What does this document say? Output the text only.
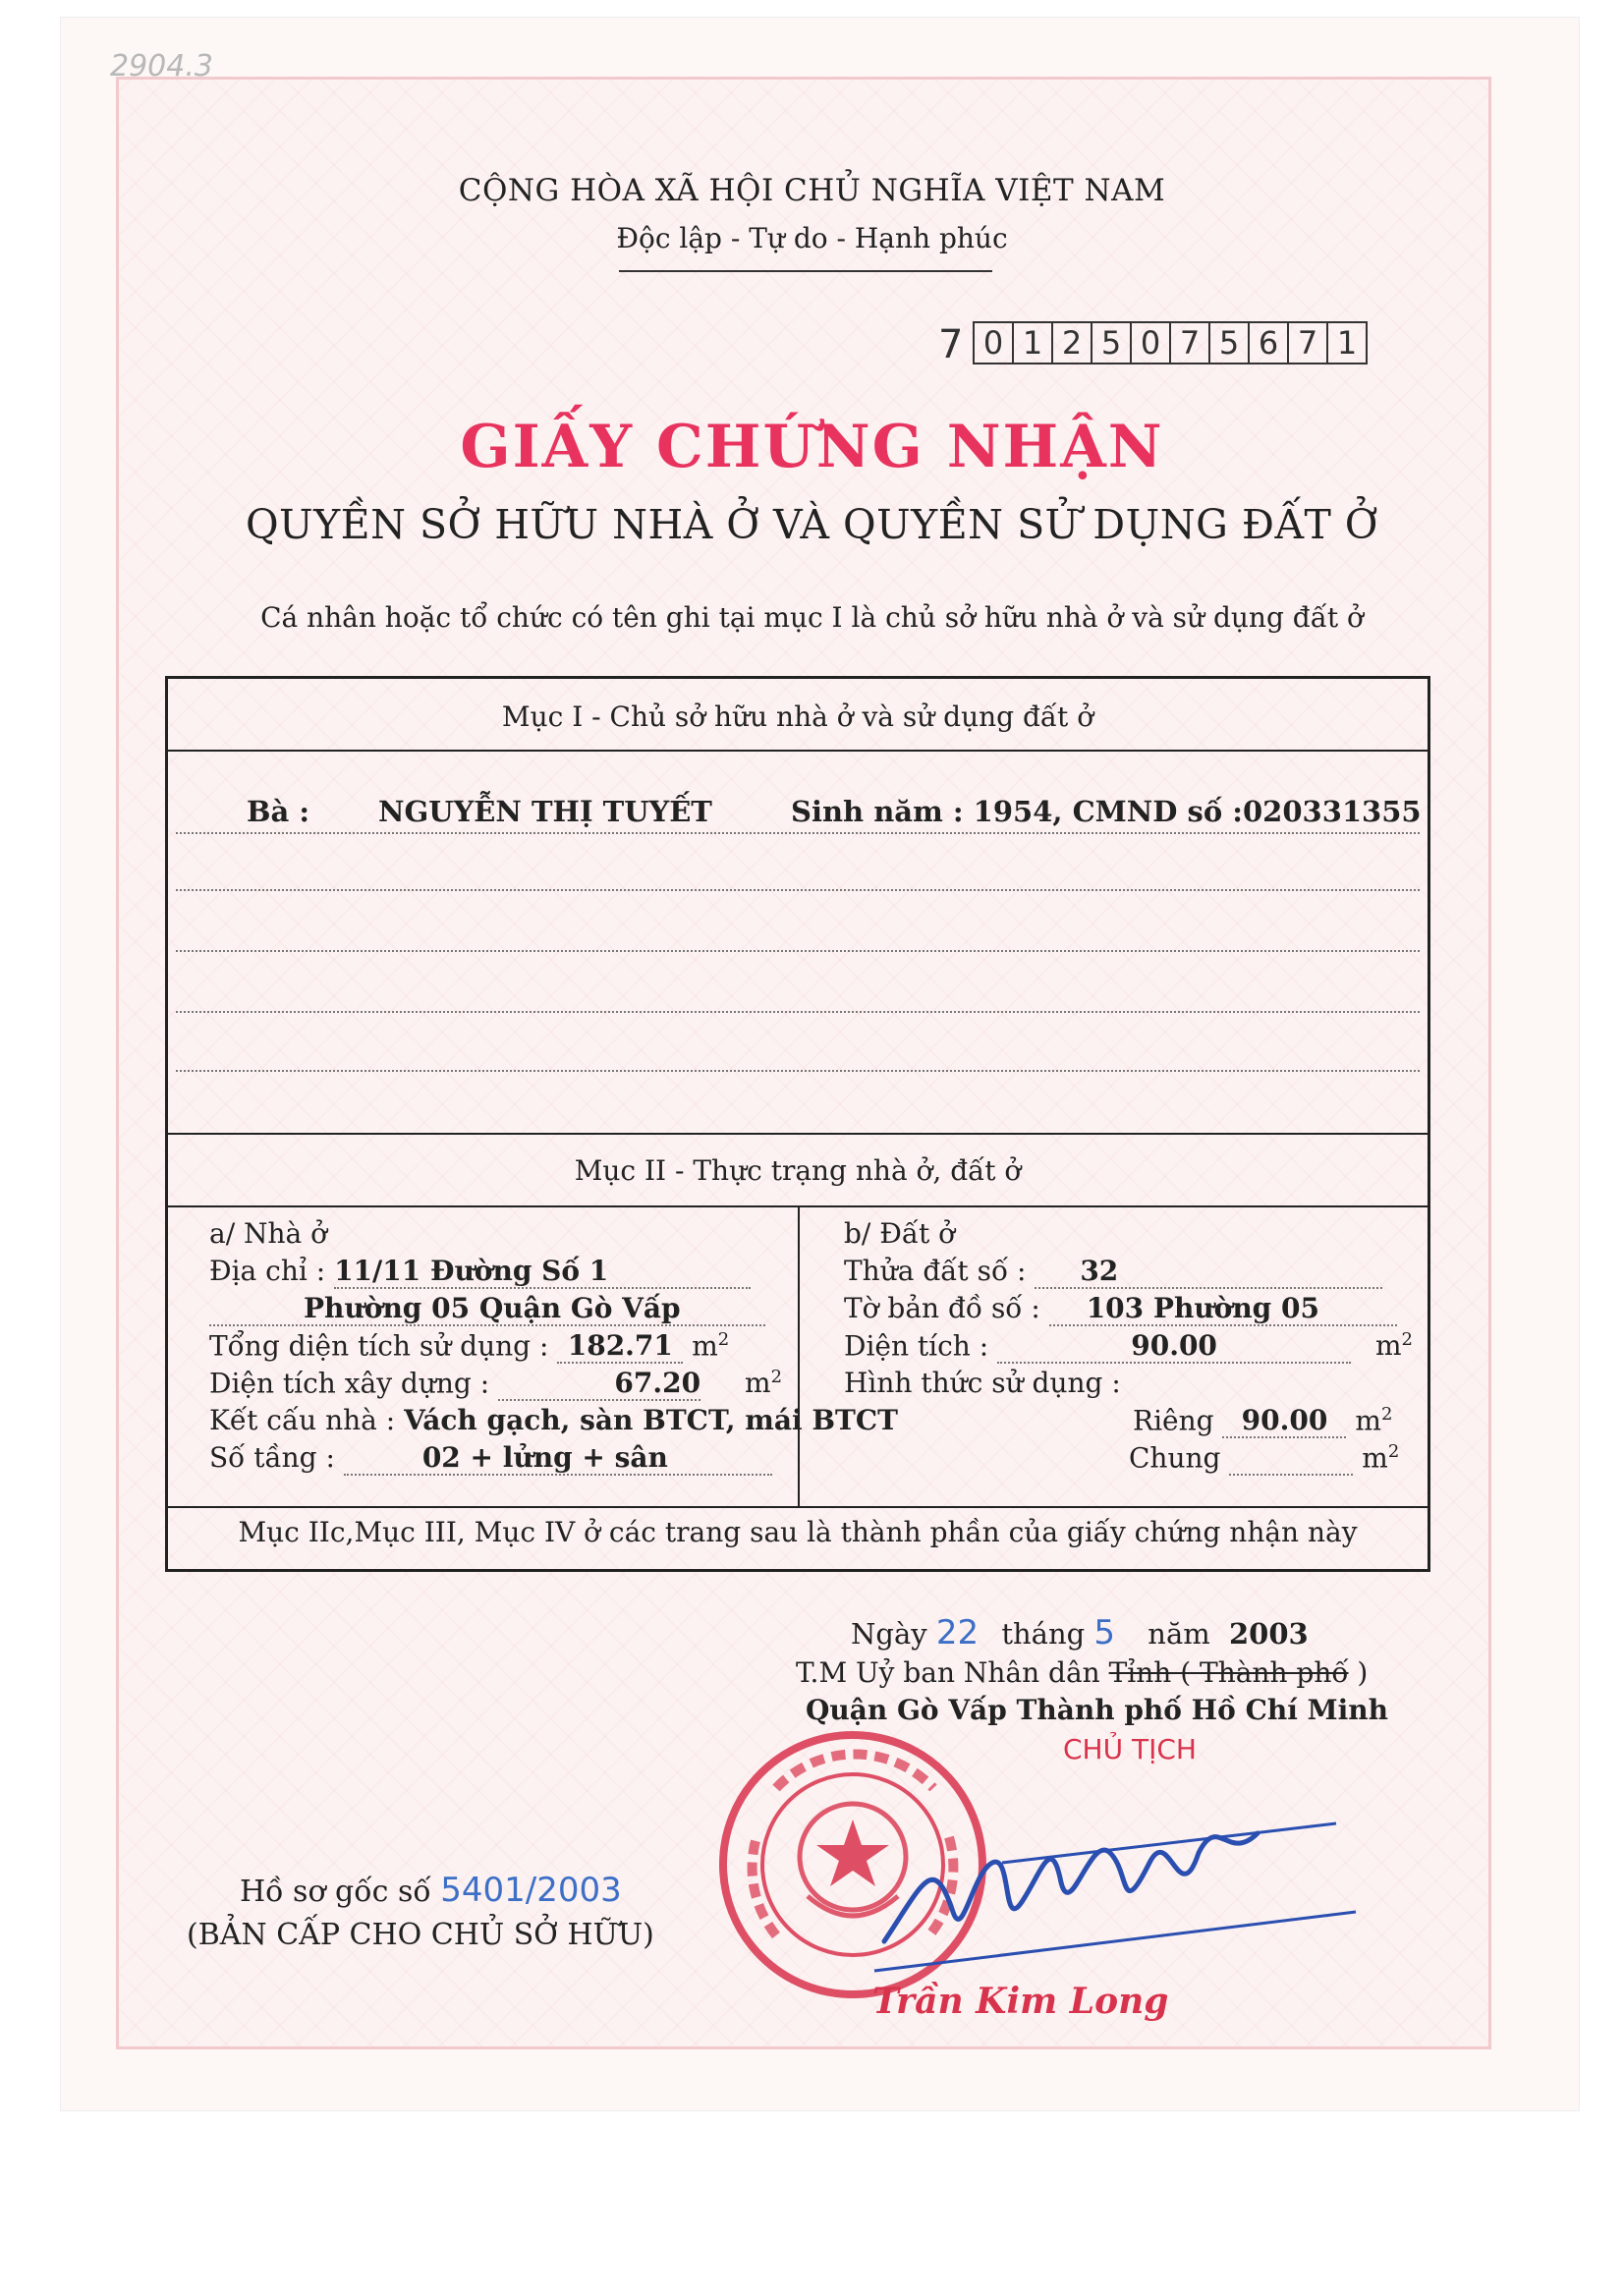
2904.3
CỘNG HÒA XÃ HỘI CHỦ NGHĨA VIỆT NAM
Độc lập - Tự do - Hạnh phúc
7 0 1 2 5 0 7 5 6 7 1
GIẤY CHỨNG NHẬN
QUYỀN SỞ HỮU NHÀ Ở VÀ QUYỀN SỬ DỤNG ĐẤT Ở
Cá nhân hoặc tổ chức có tên ghi tại mục I là chủ sở hữu nhà ở và sử dụng đất ở
Mục I - Chủ sở hữu nhà ở và sử dụng đất ở
Bà : NGUYỄN THỊ TUYẾT	Sinh năm : 1954, CMND số :020331355
Mục II - Thực trạng nhà ở, đất ở
a/ Nhà ở
Địa chỉ : 11/11 Đường Số 1
Phường 05 Quận Gò Vấp
Tổng diện tích sử dụng : 182.71 $m^2$
Diện tích xây dựng :	67.20 $m^2$
Kết cấu nhà : Vách gạch, sàn BTCT, mái BTCT
Số tầng :	02 + lửng + sân
b/ Đất ở
Thửa đất số : 32
Tờ bản đồ số : 103 Phường 05
Diện tích :	90.00	$m^2$
Hình thức sử dụng :
Riêng 90.00 $m^2$
Chung	$m^2$
Mục IIc,Mục III, Mục IV ở các trang sau là thành phần của giấy chứng nhận này
Ngày 22 tháng 5 năm 2003
T.M Uỷ ban Nhân dân Tỉnh ( Thành phố )
Quận Gò Vấp Thành phố Hồ Chí Minh
CHỦ TỊCH
Trần Kim Long
Hồ sơ gốc số 5401/2003
(BẢN CẤP CHO CHỦ SỞ HỮU)
